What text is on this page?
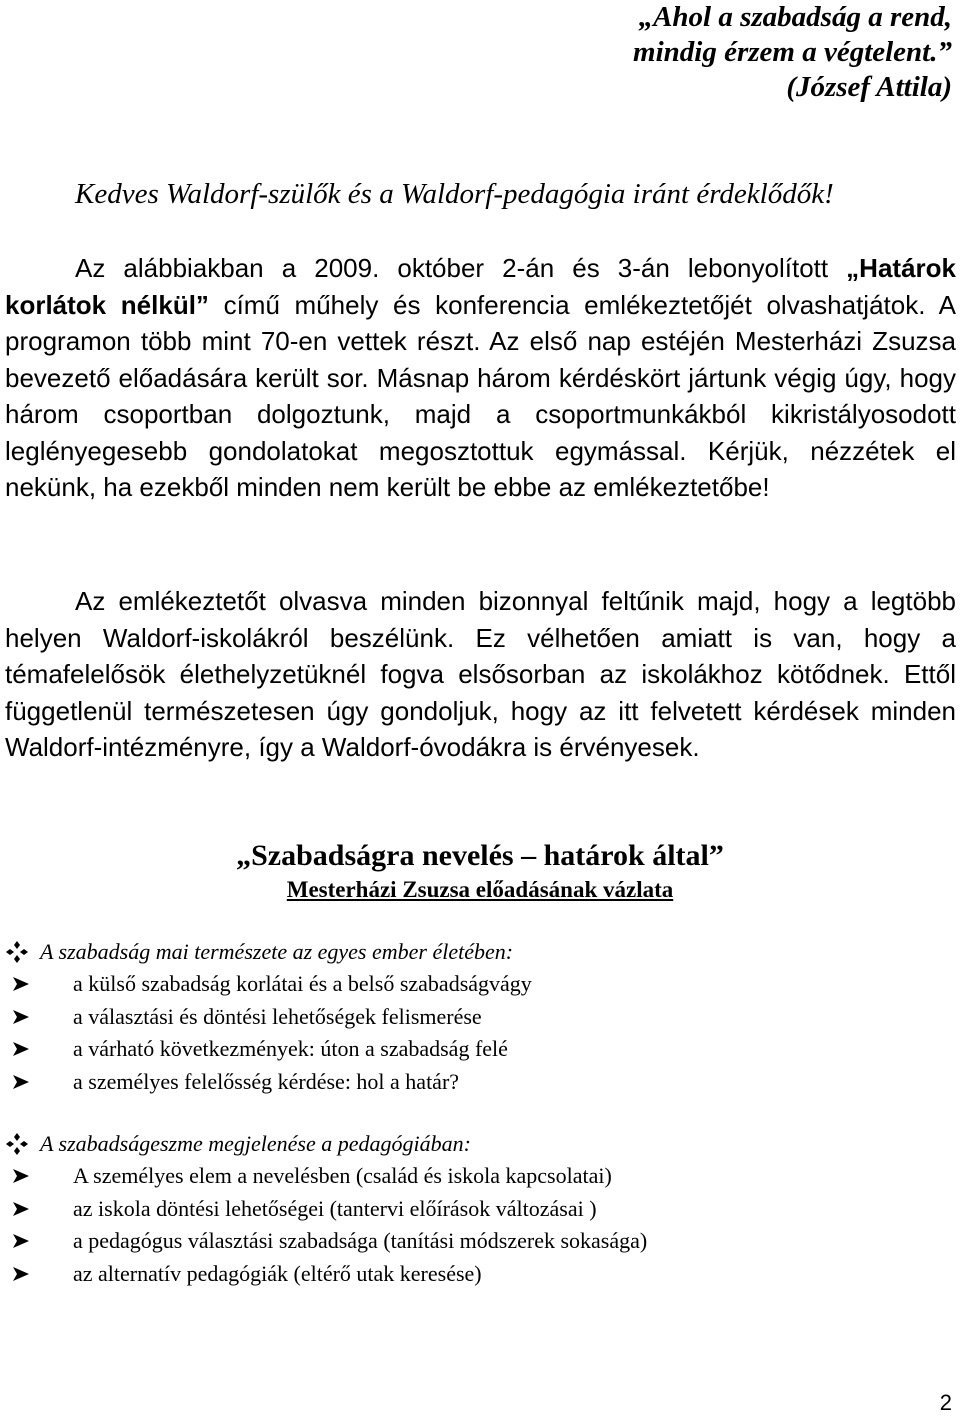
„Ahol a szabadság a rend,
mindig érzem a végtelent.”
(József Attila)
Kedves Waldorf-szülők és a Waldorf-pedagógia iránt érdeklődők!
Az alábbiakban a 2009. október 2-án és 3-án lebonyolított „Határok korlátok nélkül” című műhely és konferencia emlékeztetőjét olvashatjátok. A programon több mint 70-en vettek részt. Az első nap estéjén Mesterházi Zsuzsa bevezető előadására került sor. Másnap három kérdéskört jártunk végig úgy, hogy három csoportban dolgoztunk, majd a csoportmunkákból kikristályosodott leglényegesebb gondolatokat megosztottuk egymással. Kérjük, nézzétek el nekünk, ha ezekből minden nem került be ebbe az emlékeztetőbe!
Az emlékeztetőt olvasva minden bizonnyal feltűnik majd, hogy a legtöbb helyen Waldorf-iskolákról beszélünk. Ez vélhetően amiatt is van, hogy a témafelelősök élethelyzetüknél fogva elsősorban az iskolákhoz kötődnek. Ettől függetlenül természetesen úgy gondoljuk, hogy az itt felvetett kérdések minden Waldorf-intézményre, így a Waldorf-óvodákra is érvényesek.
„Szabadságra nevelés – határok által”
Mesterházi Zsuzsa előadásának vázlata
A szabadság mai természete az egyes ember életében:
a külső szabadság korlátai és a belső szabadságvágy
a választási és döntési lehetőségek felismerése
a várható következmények: úton a szabadság felé
a személyes felelősség kérdése: hol a határ?
A szabadságeszme megjelenése a pedagógiában:
A személyes elem a nevelésben (család és iskola kapcsolatai)
az iskola döntési lehetőségei (tantervi előírások változásai )
a pedagógus választási szabadsága (tanítási módszerek sokasága)
az alternatív pedagógiák (eltérő utak keresése)
2
